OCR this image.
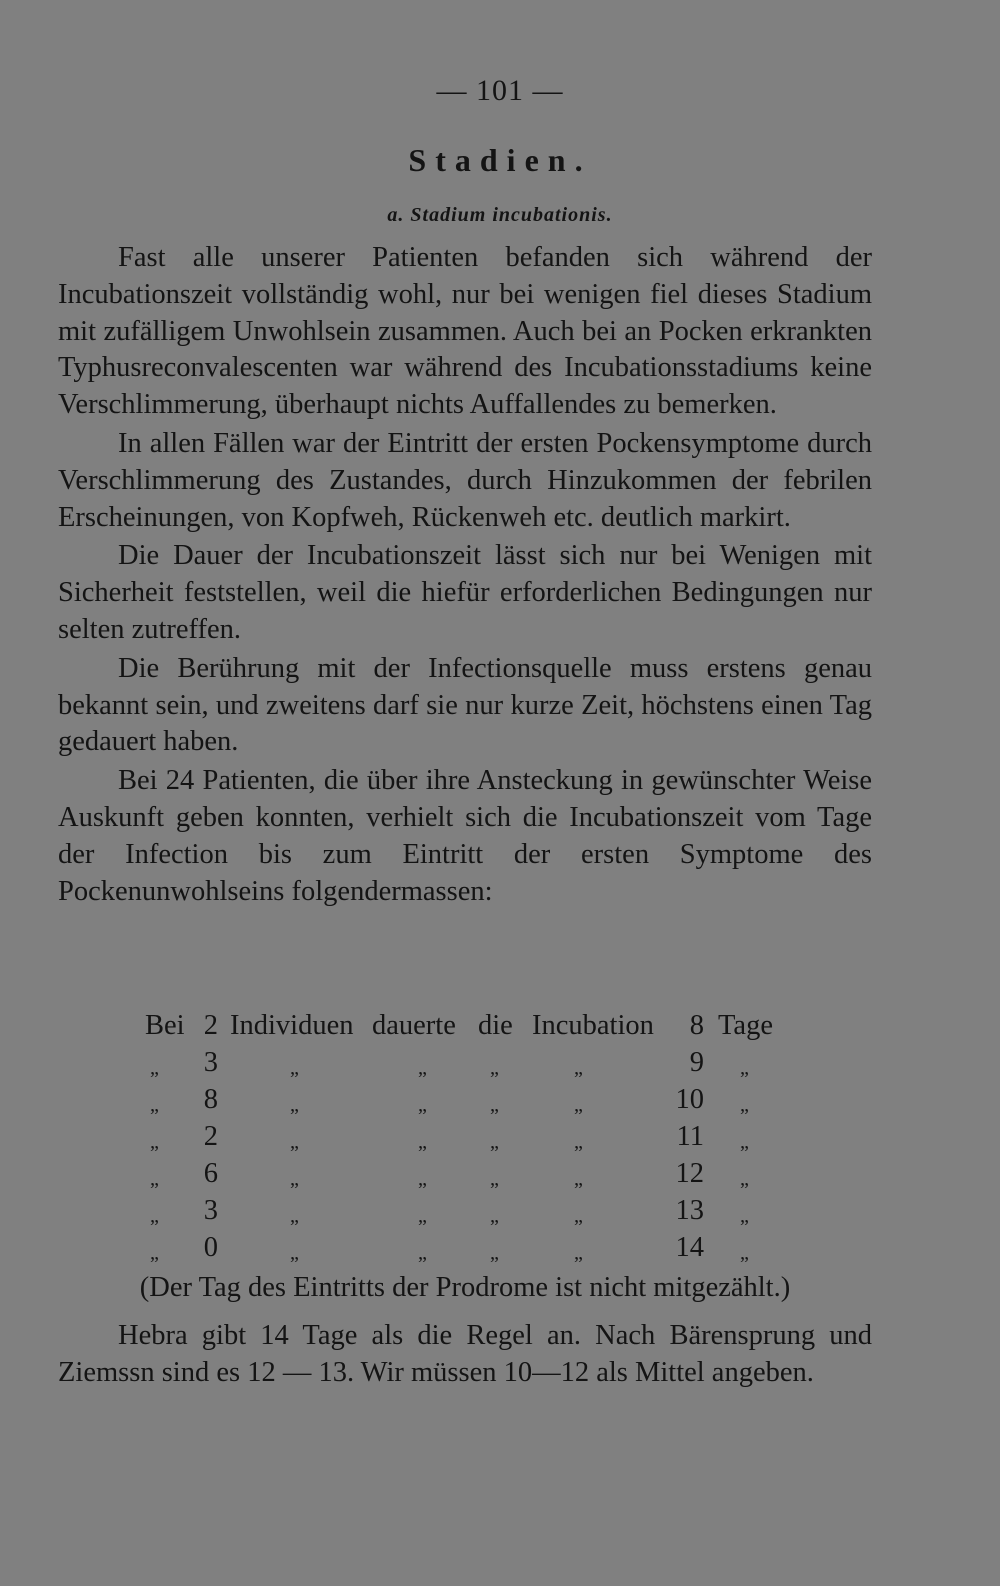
— 101 —
Stadien.
a. Stadium incubationis.

Fast alle unserer Patienten befanden sich während der Incubationszeit vollständig wohl, nur bei wenigen fiel dieses Stadium mit zufälligem Unwohlsein zusammen. Auch bei an Pocken erkrankten Typhusreconvalescenten war während des Incubationsstadiums keine Verschlimmerung, überhaupt nichts Auffallendes zu bemerken.

In allen Fällen war der Eintritt der ersten Pockensymptome durch Verschlimmerung des Zustandes, durch Hinzukommen der febrilen Erscheinungen, von Kopfweh, Rückenweh etc. deutlich markirt.

Die Dauer der Incubationszeit lässt sich nur bei Wenigen mit Sicherheit feststellen, weil die hiefür erforderlichen Bedingungen nur selten zutreffen.

Die Berührung mit der Infectionsquelle muss erstens genau bekannt sein, und zweitens darf sie nur kurze Zeit, höchstens einen Tag gedauert haben.

Bei 24 Patienten, die über ihre Ansteckung in gewünschter Weise Auskunft geben konnten, verhielt sich die Incubationszeit vom Tage der Infection bis zum Eintritt der ersten Symptome des Pockenunwohlseins folgendermassen:

Bei 2 Individuen dauerte die Incubation	8 Tage
„ 3	„	„	„	„	9 „
„ 8	„	„	„	„	10 „
„ 2	„	„	„	„	11 „
„ 6	„	„	„	„	12 „
„ 3	„	„	„	„	13 „
„ 0	„	„	„	„	14 „
(Der Tag des Eintritts der Prodrome ist nicht mitgezählt.)

Hebra gibt 14 Tage als die Regel an. Nach Bärensprung und Ziemssn sind es 12 — 13. Wir müssen 10—12 als Mittel angeben.
